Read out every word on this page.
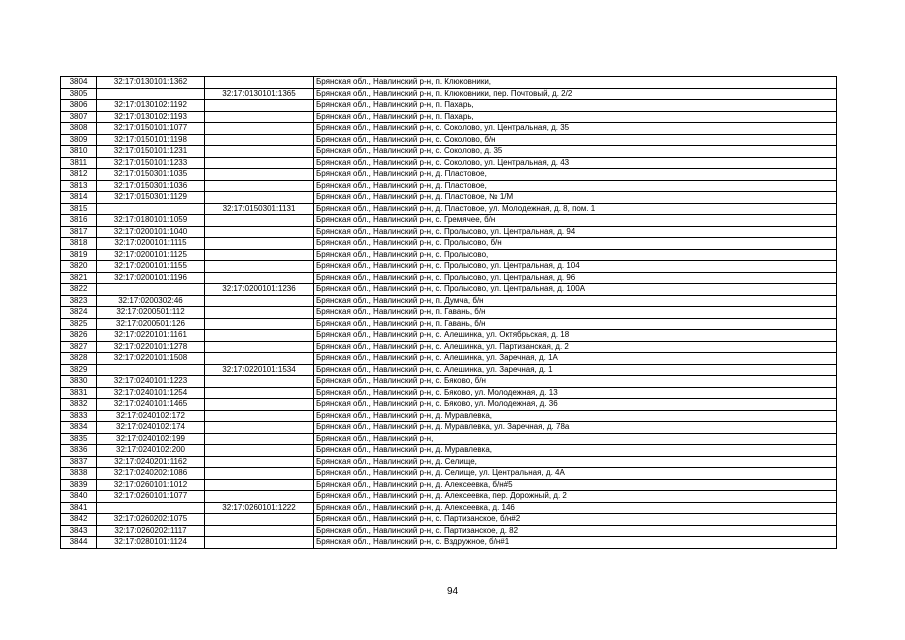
3804	32:17:0130101:1362		Брянская обл., Навлинский р-н, п. Клюковники,
3805		32:17:0130101:1365	Брянская обл., Навлинский р-н, п. Клюковники, пер. Почтовый, д. 2/2
3806	32:17:0130102:1192		Брянская обл., Навлинский р-н, п. Пахарь,
3807	32:17:0130102:1193		Брянская обл., Навлинский р-н, п. Пахарь,
3808	32:17:0150101:1077		Брянская обл., Навлинский р-н, с. Соколово, ул. Центральная, д. 35
3809	32:17:0150101:1198		Брянская обл., Навлинский р-н, с. Соколово, б/н
3810	32:17:0150101:1231		Брянская обл., Навлинский р-н, с. Соколово, д. 35
3811	32:17:0150101:1233		Брянская обл., Навлинский р-н, с. Соколово, ул. Центральная, д. 43
3812	32:17:0150301:1035		Брянская обл., Навлинский р-н, д. Пластовое,
3813	32:17:0150301:1036		Брянская обл., Навлинский р-н, д. Пластовое,
3814	32:17:0150301:1129		Брянская обл., Навлинский р-н, д. Пластовое, № 1/М
3815		32:17:0150301:1131	Брянская обл., Навлинский р-н, д. Пластовое, ул. Молодежная, д. 8, пом. 1
3816	32:17:0180101:1059		Брянская обл., Навлинский р-н, с. Гремячее, б/н
3817	32:17:0200101:1040		Брянская обл., Навлинский р-н, с. Пролысово, ул. Центральная, д. 94
3818	32:17:0200101:1115		Брянская обл., Навлинский р-н, с. Пролысово, б/н
3819	32:17:0200101:1125		Брянская обл., Навлинский р-н, с. Пролысово,
3820	32:17:0200101:1155		Брянская обл., Навлинский р-н, с. Пролысово, ул. Центральная, д. 104
3821	32:17:0200101:1196		Брянская обл., Навлинский р-н, с. Пролысово, ул. Центральная, д. 96
3822		32:17:0200101:1236	Брянская обл., Навлинский р-н, с. Пролысово, ул. Центральная, д. 100А
3823	32:17:0200302:46		Брянская обл., Навлинский р-н, п. Думча, б/н
3824	32:17:0200501:112		Брянская обл., Навлинский р-н, п. Гавань, б/н
3825	32:17:0200501:126		Брянская обл., Навлинский р-н, п. Гавань, б/н
3826	32:17:0220101:1161		Брянская обл., Навлинский р-н, с. Алешинка, ул. Октябрьская, д. 18
3827	32:17:0220101:1278		Брянская обл., Навлинский р-н, с. Алешинка, ул. Партизанская, д. 2
3828	32:17:0220101:1508		Брянская обл., Навлинский р-н, с. Алешинка, ул. Заречная, д. 1А
3829		32:17:0220101:1534	Брянская обл., Навлинский р-н, с. Алешинка, ул. Заречная, д. 1
3830	32:17:0240101:1223		Брянская обл., Навлинский р-н, с. Бяково, б/н
3831	32:17:0240101:1254		Брянская обл., Навлинский р-н, с. Бяково, ул. Молодежная, д. 13
3832	32:17:0240101:1465		Брянская обл., Навлинский р-н, с. Бяково, ул. Молодежная, д. 36
3833	32:17:0240102:172		Брянская обл., Навлинский р-н, д. Муравлевка,
3834	32:17:0240102:174		Брянская обл., Навлинский р-н, д. Муравлевка, ул. Заречная, д. 78а
3835	32:17:0240102:199		Брянская обл., Навлинский р-н,
3836	32:17:0240102:200		Брянская обл., Навлинский р-н, д. Муравлевка,
3837	32:17:0240201:1162		Брянская обл., Навлинский р-н, д. Селище,
3838	32:17:0240202:1086		Брянская обл., Навлинский р-н, д. Селище, ул. Центральная, д. 4А
3839	32:17:0260101:1012		Брянская обл., Навлинский р-н, д. Алексеевка, б/н#5
3840	32:17:0260101:1077		Брянская обл., Навлинский р-н, д. Алексеевка, пер. Дорожный, д. 2
3841		32:17:0260101:1222	Брянская обл., Навлинский р-н, д. Алексеевка, д. 146
3842	32:17:0260202:1075		Брянская обл., Навлинский р-н, с. Партизанское, б/н#2
3843	32:17:0260202:1117		Брянская обл., Навлинский р-н, с. Партизанское, д. 82
3844	32:17:0280101:1124		Брянская обл., Навлинский р-н, с. Вздружное, б/н#1
94
